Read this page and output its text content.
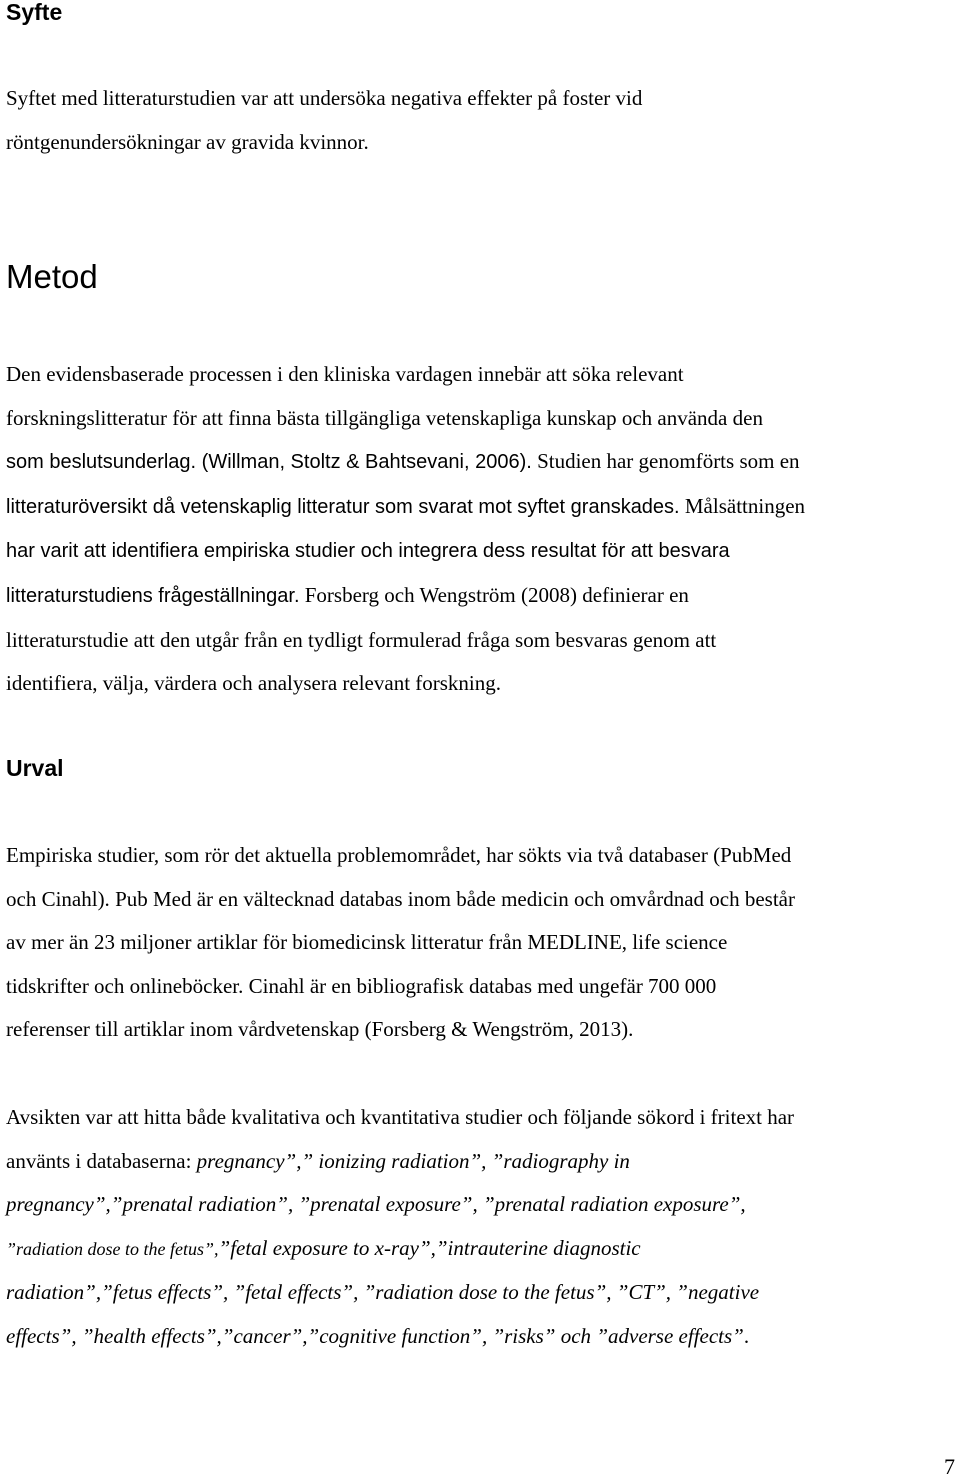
Syfte
Syftet med litteraturstudien var att undersöka negativa effekter på foster vid
röntgenundersökningar av gravida kvinnor.
Metod
Den evidensbaserade processen i den kliniska vardagen innebär att söka relevant
forskningslitteratur för att finna bästa tillgängliga vetenskapliga kunskap och använda den
som beslutsunderlag. (Willman, Stoltz & Bahtsevani, 2006). Studien har genomförts som en
litteraturöversikt då vetenskaplig litteratur som svarat mot syftet granskades. Målsättningen
har varit att identifiera empiriska studier och integrera dess resultat för att besvara
litteraturstudiens frågeställningar. Forsberg och Wengström (2008) definierar en
litteraturstudie att den utgår från en tydligt formulerad fråga som besvaras genom att
identifiera, välja, värdera och analysera relevant forskning.
Urval
Empiriska studier, som rör det aktuella problemområdet, har sökts via två databaser (PubMed
och Cinahl). Pub Med är en vältecknad databas inom både medicin och omvårdnad och består
av mer än 23 miljoner artiklar för biomedicinsk litteratur från MEDLINE, life science
tidskrifter och onlineböcker. Cinahl är en bibliografisk databas med ungefär 700 000
referenser till artiklar inom vårdvetenskap (Forsberg & Wengström, 2013).
Avsikten var att hitta både kvalitativa och kvantitativa studier och följande sökord i fritext har
använts i databaserna: pregnancy”,” ionizing radiation”, ”radiography in
pregnancy”,”prenatal radiation”, ”prenatal exposure”, ”prenatal radiation exposure”,
”radiation dose to the fetus”,”fetal exposure to x-ray”,”intrauterine diagnostic
radiation”,”fetus effects”, ”fetal effects”, ”radiation dose to the fetus”, ”CT”, ”negative
effects”, ”health effects”,”cancer”,”cognitive function”, ”risks” och ”adverse effects”.
7
